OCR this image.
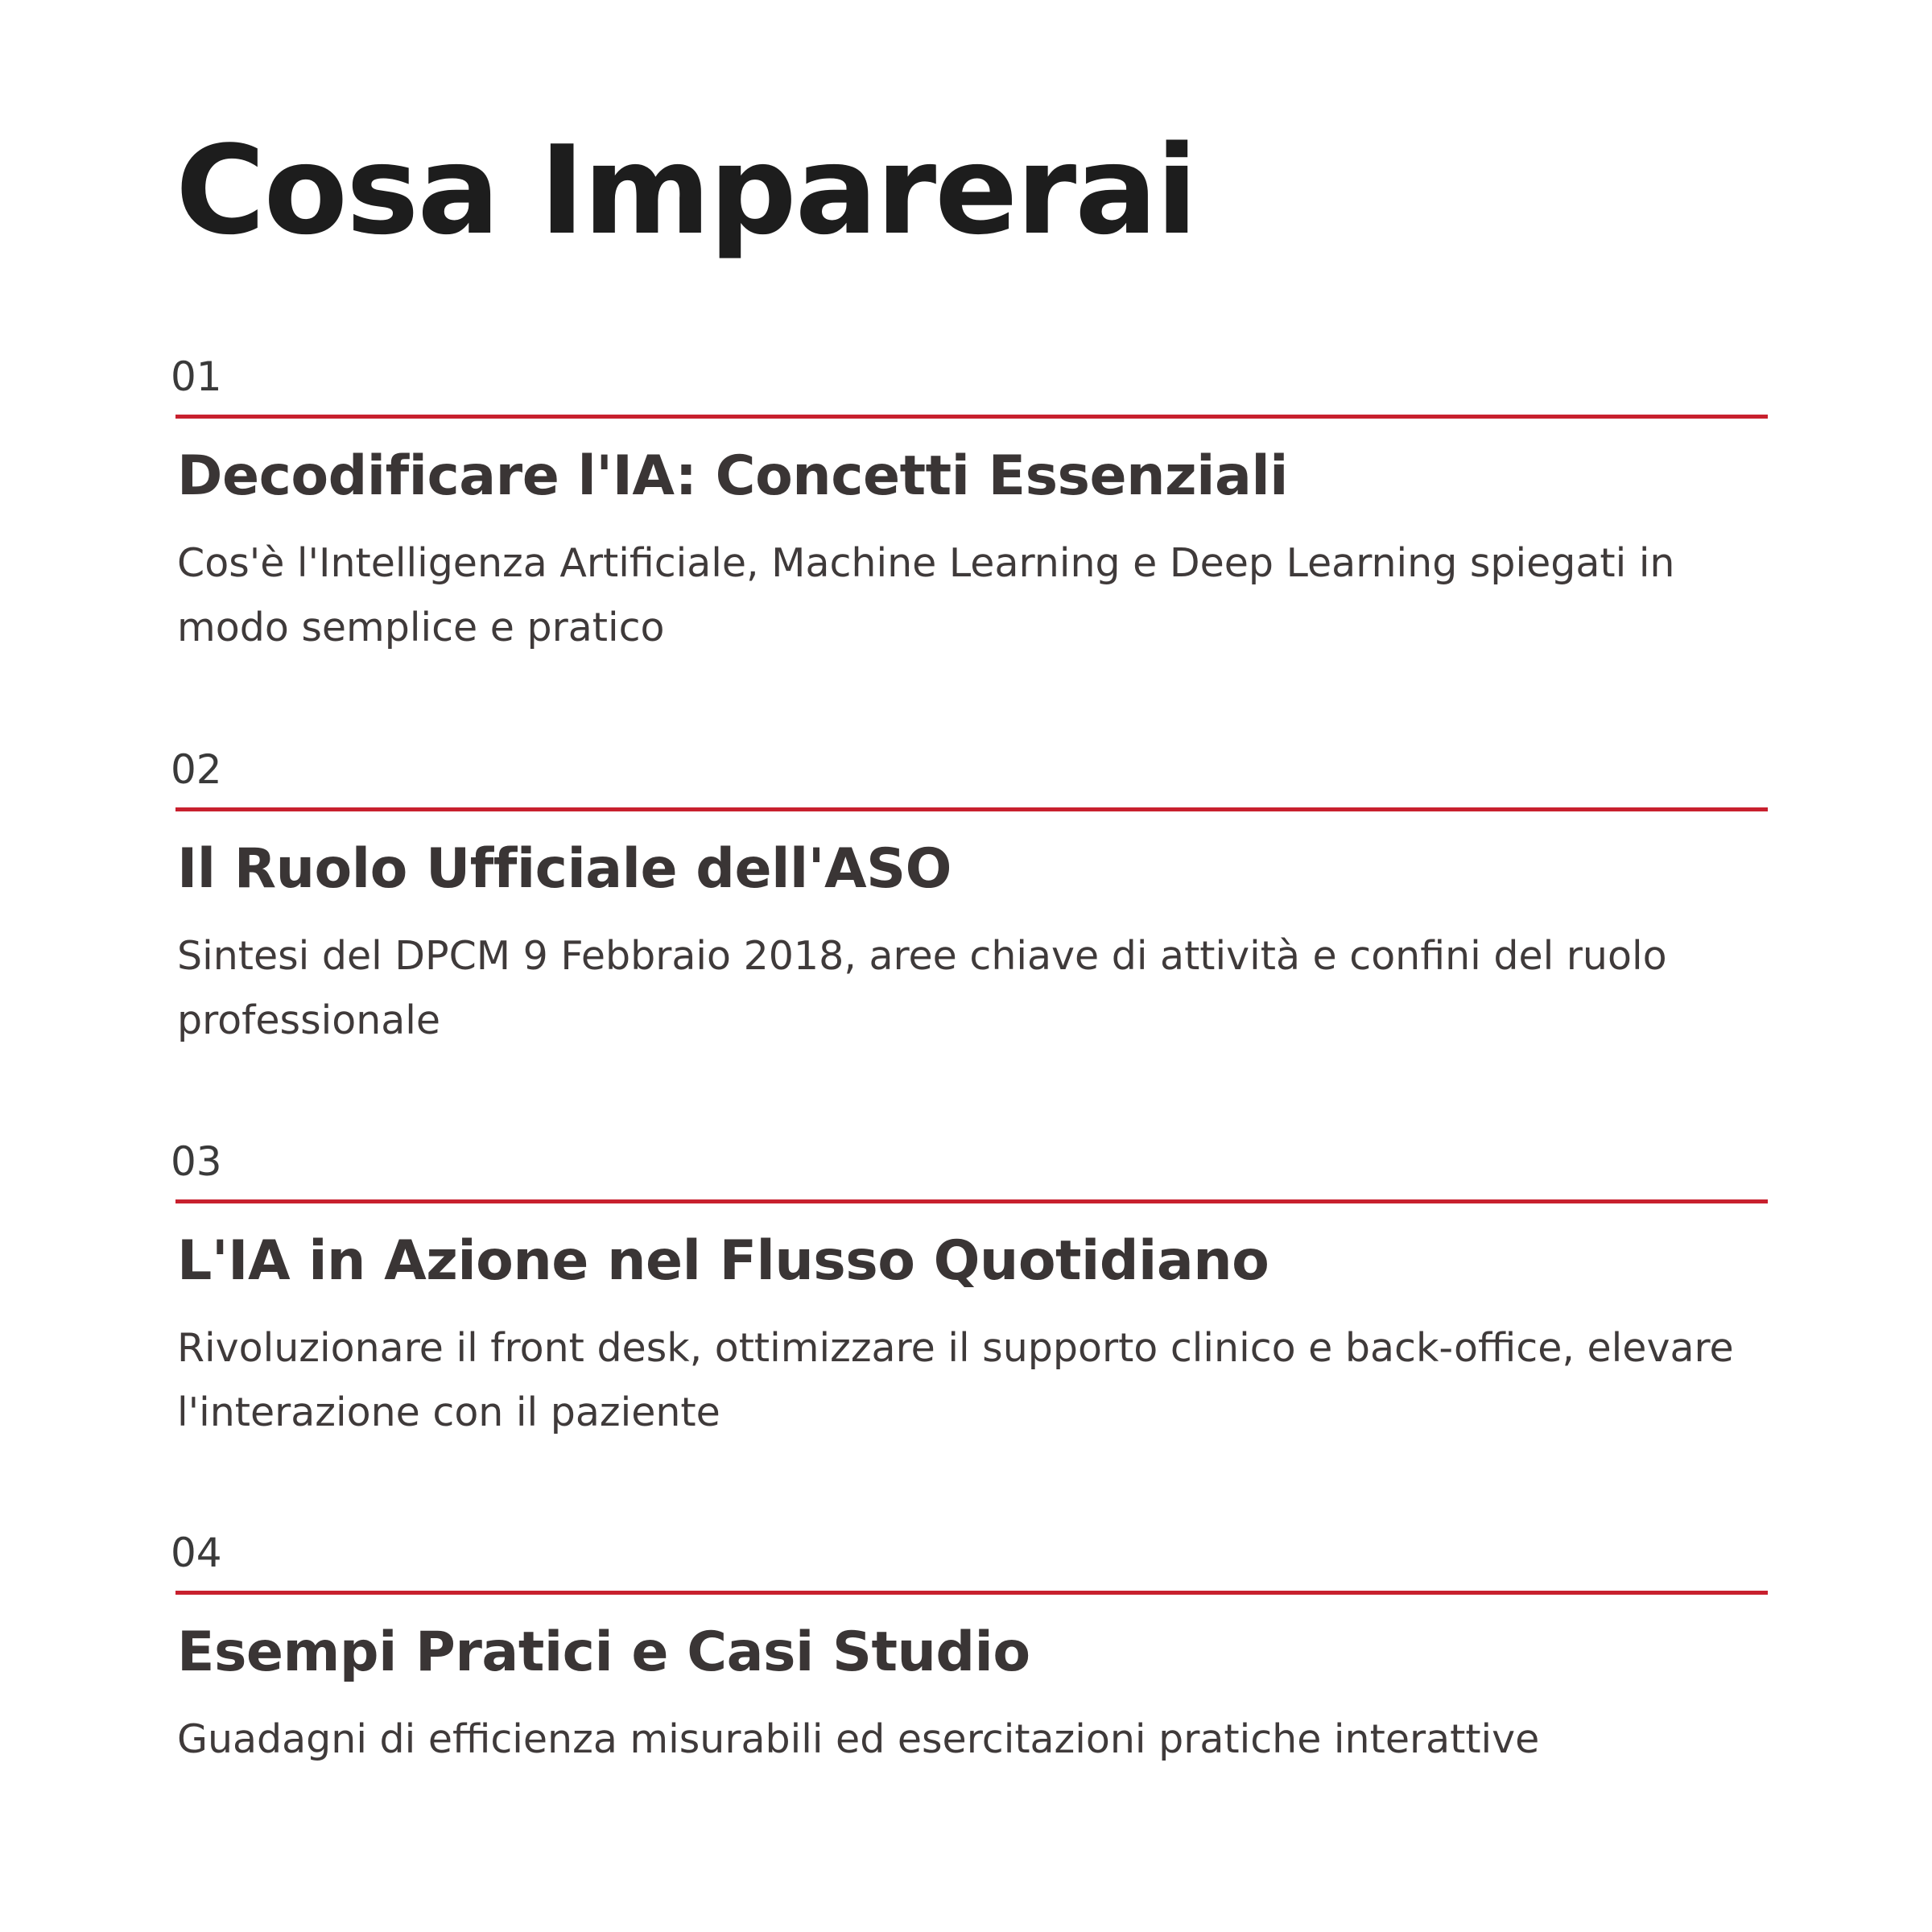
Cosa Imparerai
01
Decodificare l'IA: Concetti Essenziali

Cos'è l'Intelligenza Artificiale, Machine Learning e Deep Learning spiegati in modo semplice e pratico

02
Il Ruolo Ufficiale dell'ASO

Sintesi del DPCM 9 Febbraio 2018, aree chiave di attività e confini del ruolo professionale

03
L'IA in Azione nel Flusso Quotidiano

Rivoluzionare il front desk, ottimizzare il supporto clinico e back-office, elevare l'interazione con il paziente

04
Esempi Pratici e Casi Studio

Guadagni di efficienza misurabili ed esercitazioni pratiche interattive
